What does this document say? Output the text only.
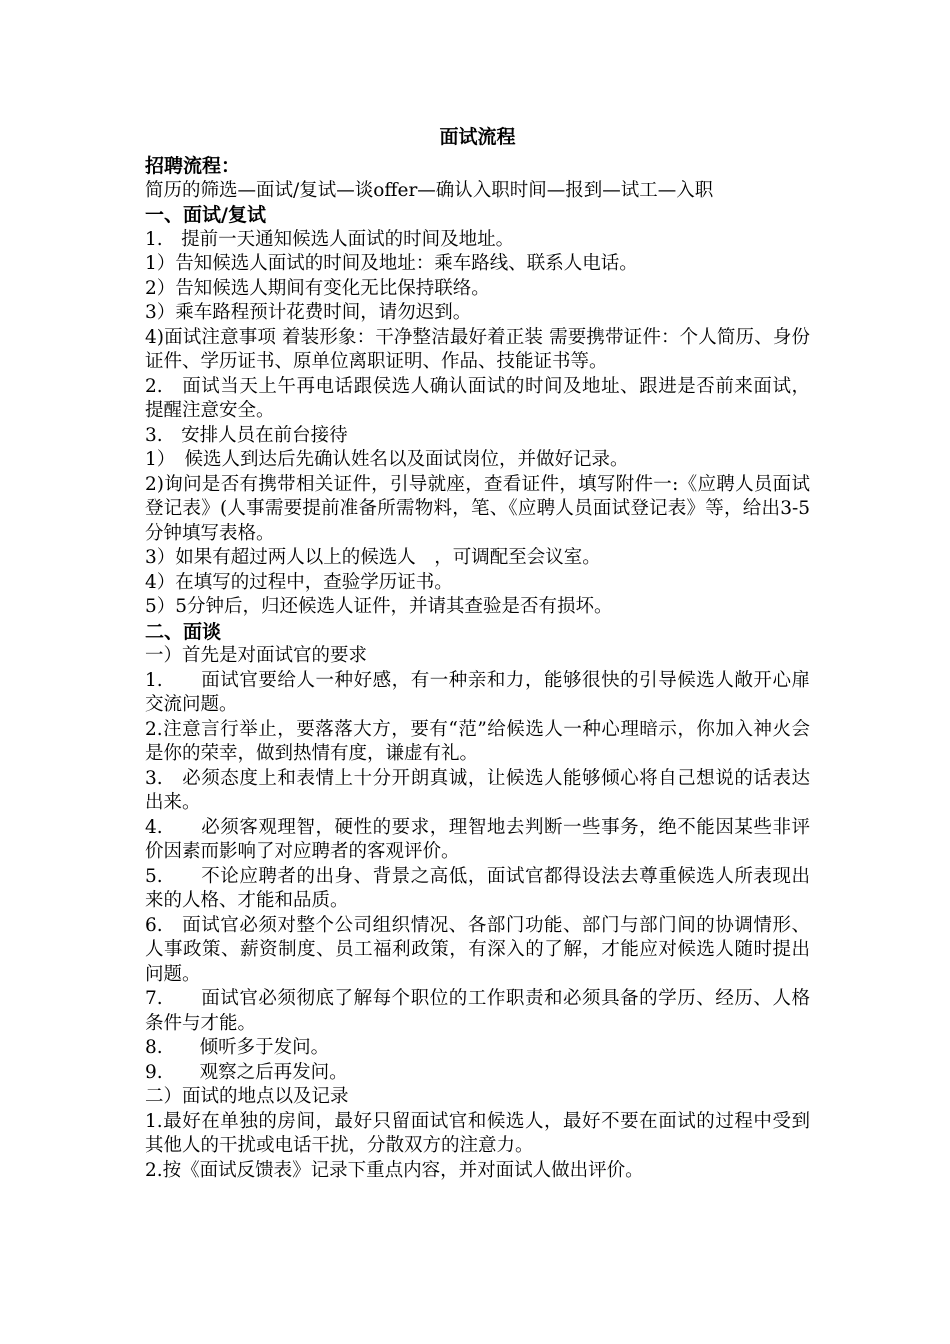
面试流程
招聘流程：
简历的筛选—面试/复试—谈offer—确认入职时间—报到—试工—入职
一、面试/复试
1.　提前一天通知候选人面试的时间及地址。
1）告知候选人面试的时间及地址：乘车路线、联系人电话。
2）告知候选人期间有变化无比保持联络。
3）乘车路程预计花费时间，请勿迟到。
4)面试注意事项 着装形象：干净整洁最好着正装 需要携带证件：个人简历、身份证件、学历证书、原单位离职证明、作品、技能证书等。
2.　面试当天上午再电话跟侯选人确认面试的时间及地址、跟进是否前来面试，提醒注意安全。
3.　安排人员在前台接待
1）　候选人到达后先确认姓名以及面试岗位，并做好记录。
2)询问是否有携带相关证件，引导就座，查看证件，填写附件一:《应聘人员面试登记表》(人事需要提前准备所需物料，笔、《应聘人员面试登记表》等，给出3-5分钟填写表格。
3）如果有超过两人以上的候选人　，可调配至会议室。
4）在填写的过程中，查验学历证书。
5）5分钟后，归还候选人证件，并请其查验是否有损坏。
二、面谈
一）首先是对面试官的要求
1.　　面试官要给人一种好感，有一种亲和力，能够很快的引导候选人敞开心扉交流问题。
2.注意言行举止，要落落大方，要有“范”给候选人一种心理暗示，你加入神火会是你的荣幸，做到热情有度，谦虚有礼。
3.　必须态度上和表情上十分开朗真诚，让候选人能够倾心将自己想说的话表达出来。
4.　　必须客观理智，硬性的要求，理智地去判断一些事务，绝不能因某些非评价因素而影响了对应聘者的客观评价。
5.　　不论应聘者的出身、背景之高低，面试官都得设法去尊重候选人所表现出来的人格、才能和品质。
6.　面试官必须对整个公司组织情况、各部门功能、部门与部门间的协调情形、人事政策、薪资制度、员工福利政策，有深入的了解，才能应对候选人随时提出问题。
7.　　面试官必须彻底了解每个职位的工作职责和必须具备的学历、经历、人格条件与才能。
8.　　倾听多于发问。
9.　　观察之后再发问。
二）面试的地点以及记录
1.最好在单独的房间，最好只留面试官和候选人，最好不要在面试的过程中受到其他人的干扰或电话干扰，分散双方的注意力。
2.按《面试反馈表》记录下重点内容，并对面试人做出评价。
